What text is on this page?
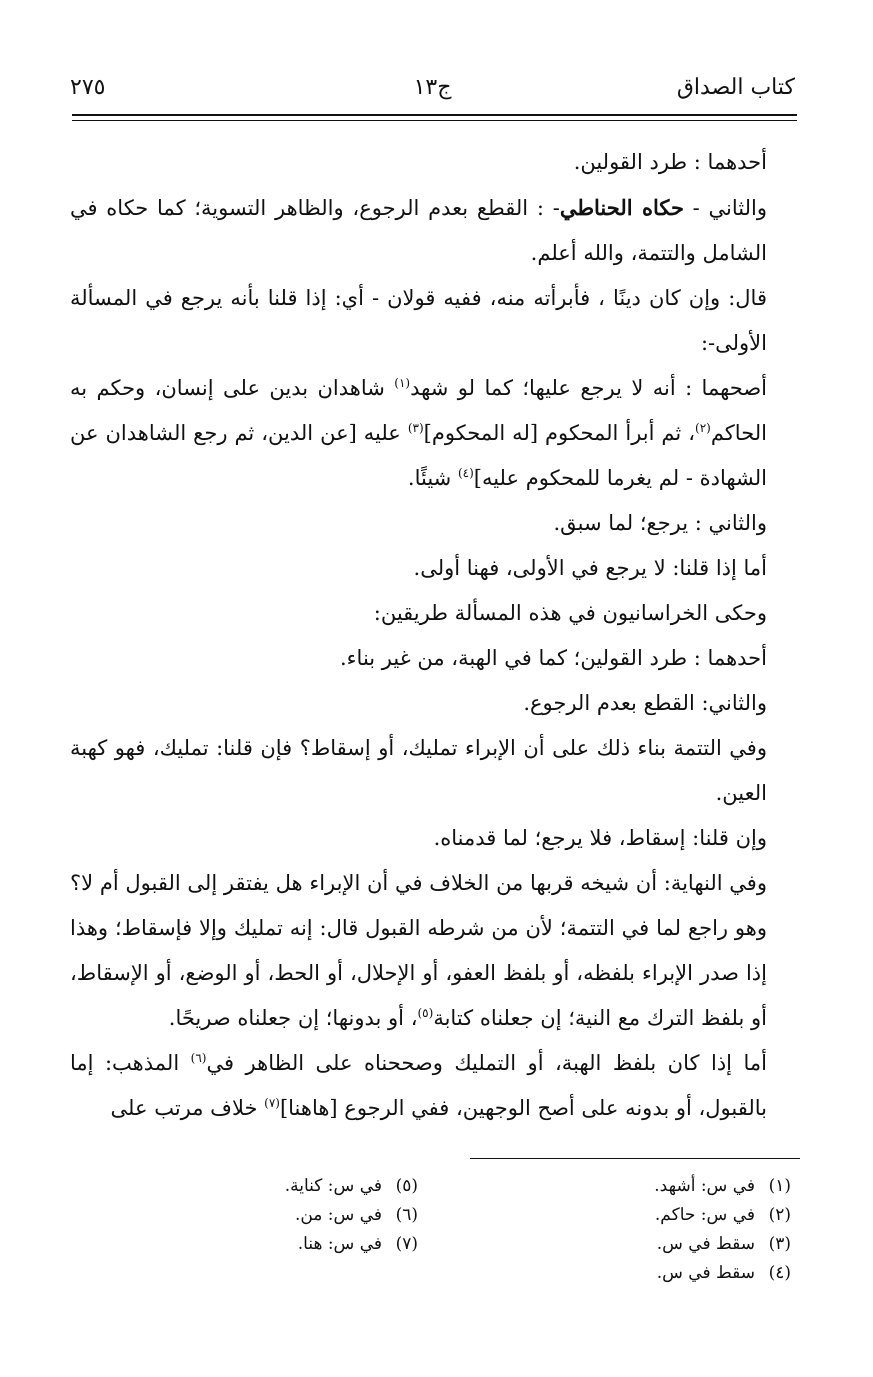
كتاب الصداق
ج١٣
٢٧٥

أحدهما : طرد القولين.

والثاني - حكاه الحناطي- : القطع بعدم الرجوع، والظاهر التسوية؛ كما حكاه في الشامل والتتمة، والله أعلم.

قال: وإن كان دينًا ، فأبرأته منه، ففيه قولان - أي: إذا قلنا بأنه يرجع في المسألة الأولى-:

أصحهما : أنه لا يرجع عليها؛ كما لو شهد$^{(١)}$ شاهدان بدين على إنسان، وحكم به الحاكم$^{(٢)}$، ثم أبرأ المحكوم [له المحكوم]$^{(٣)}$ عليه [عن الدين، ثم رجع الشاهدان عن الشهادة - لم يغرما للمحكوم عليه]$^{(٤)}$ شيئًا.

والثاني : يرجع؛ لما سبق.

أما إذا قلنا: لا يرجع في الأولى، فهنا أولى.

وحكى الخراسانيون في هذه المسألة طريقين:

أحدهما : طرد القولين؛ كما في الهبة، من غير بناء.

والثاني: القطع بعدم الرجوع.

وفي التتمة بناء ذلك على أن الإبراء تمليك، أو إسقاط؟ فإن قلنا: تمليك، فهو كهبة العين.

وإن قلنا: إسقاط، فلا يرجع؛ لما قدمناه.

وفي النهاية: أن شيخه قربها من الخلاف في أن الإبراء هل يفتقر إلى القبول أم لا؟ وهو راجع لما في التتمة؛ لأن من شرطه القبول قال: إنه تمليك وإلا فإسقاط؛ وهذا إذا صدر الإبراء بلفظه، أو بلفظ العفو، أو الإحلال، أو الحط، أو الوضع، أو الإسقاط، أو بلفظ الترك مع النية؛ إن جعلناه كتابة$^{(٥)}$، أو بدونها؛ إن جعلناه صريحًا.

أما إذا كان بلفظ الهبة، أو التمليك وصححناه على الظاهر في$^{(٦)}$ المذهب: إما بالقبول، أو بدونه على أصح الوجهين، ففي الرجوع [هاهنا]$^{(٧)}$ خلاف مرتب على

(١)في س: أشهد.
(٢)في س: حاكم.
(٣)سقط في س.
(٤)سقط في س.
(٥)في س: كناية.
(٦)في س: من.
(٧)في س: هنا.
